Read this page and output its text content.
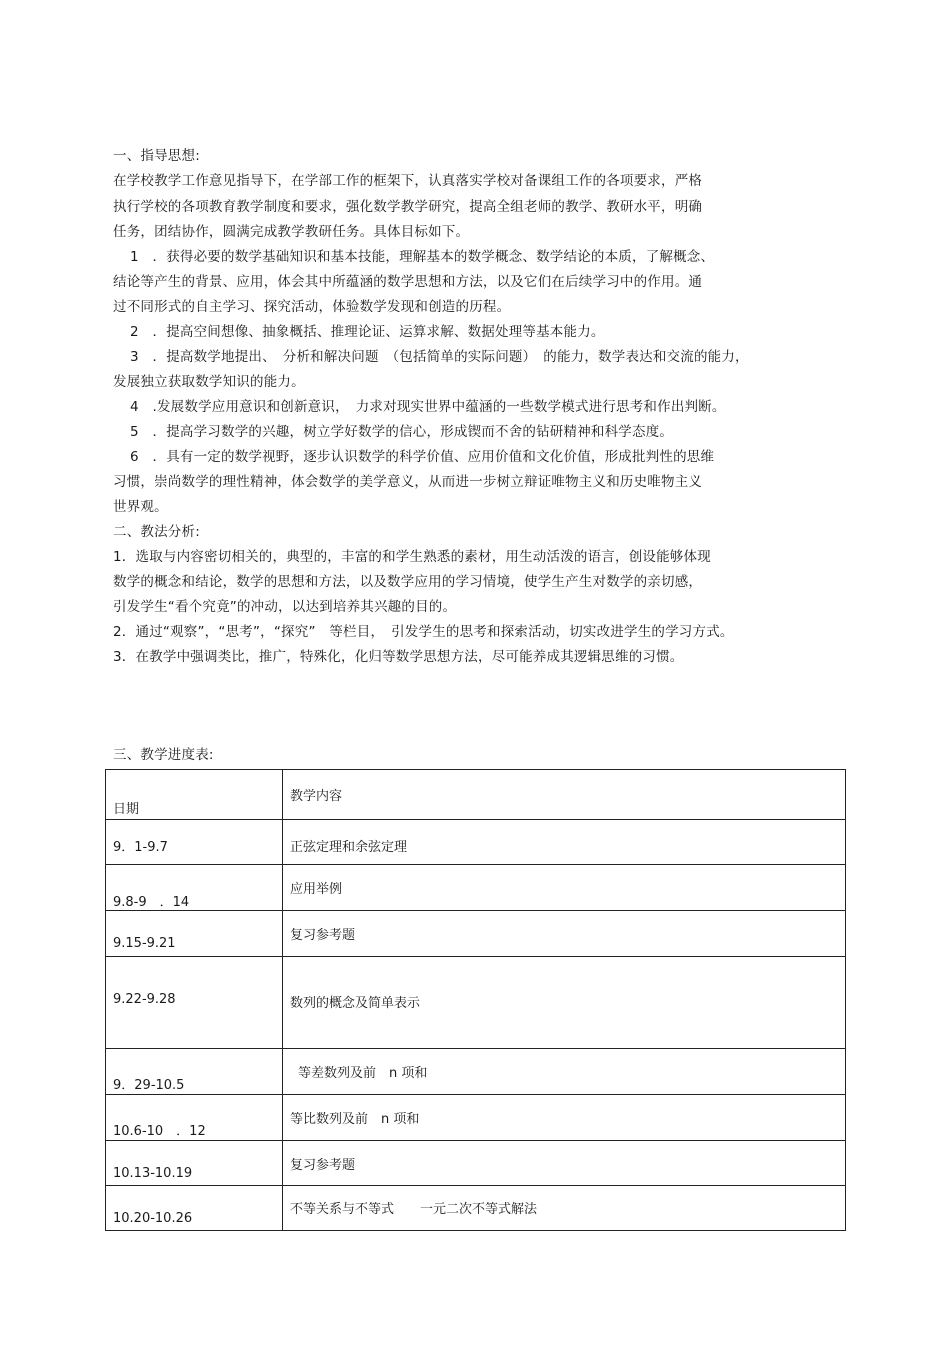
一、指导思想:
在学校教学工作意见指导下，在学部工作的框架下，认真落实学校对备课组工作的各项要求，严格
执行学校的各项教育教学制度和要求，强化数学教学研究，提高全组老师的教学、教研水平，明确
任务，团结协作，圆满完成教学教研任务。具体目标如下。
1　．获得必要的数学基础知识和基本技能，理解基本的数学概念、数学结论的本质，了解概念、
结论等产生的背景、应用，体会其中所蕴涵的数学思想和方法，以及它们在后续学习中的作用。通
过不同形式的自主学习、探究活动，体验数学发现和创造的历程。
2　．提高空间想像、抽象概括、推理论证、运算求解、数据处理等基本能力。
3　．提高数学地提出、　分析和解决问题　（包括简单的实际问题）　的能力，数学表达和交流的能力，
发展独立获取数学知识的能力。
4　.发展数学应用意识和创新意识，　力求对现实世界中蕴涵的一些数学模式进行思考和作出判断。
5　．提高学习数学的兴趣，树立学好数学的信心，形成锲而不舍的钻研精神和科学态度。
6　．具有一定的数学视野，逐步认识数学的科学价值、应用价值和文化价值，形成批判性的思维
习惯，崇尚数学的理性精神，体会数学的美学意义，从而进一步树立辩证唯物主义和历史唯物主义
世界观。
二、教法分析:
1．选取与内容密切相关的，典型的，丰富的和学生熟悉的素材，用生动活泼的语言，创设能够体现
数学的概念和结论，数学的思想和方法，以及数学应用的学习情境，使学生产生对数学的亲切感，
引发学生“看个究竟”的冲动，以达到培养其兴趣的目的。
2．通过“观察”，“思考”，“探究”　等栏目，　引发学生的思考和探索活动，切实改进学生的学习方式。
3．在教学中强调类比，推广，特殊化，化归等数学思想方法，尽可能养成其逻辑思维的习惯。
三、教学进度表:
日期	教学内容

9．1-9.7	正弦定理和余弦定理

9.8-9　．14	应用举例

9.15-9.21	复习参考题

9.22-9.28	数列的概念及简单表示

9．29-10.5	等差数列及前　n 项和

10.6-10　．12	等比数列及前　n 项和

10.13-10.19	复习参考题

10.20-10.26	不等关系与不等式　　一元二次不等式解法
